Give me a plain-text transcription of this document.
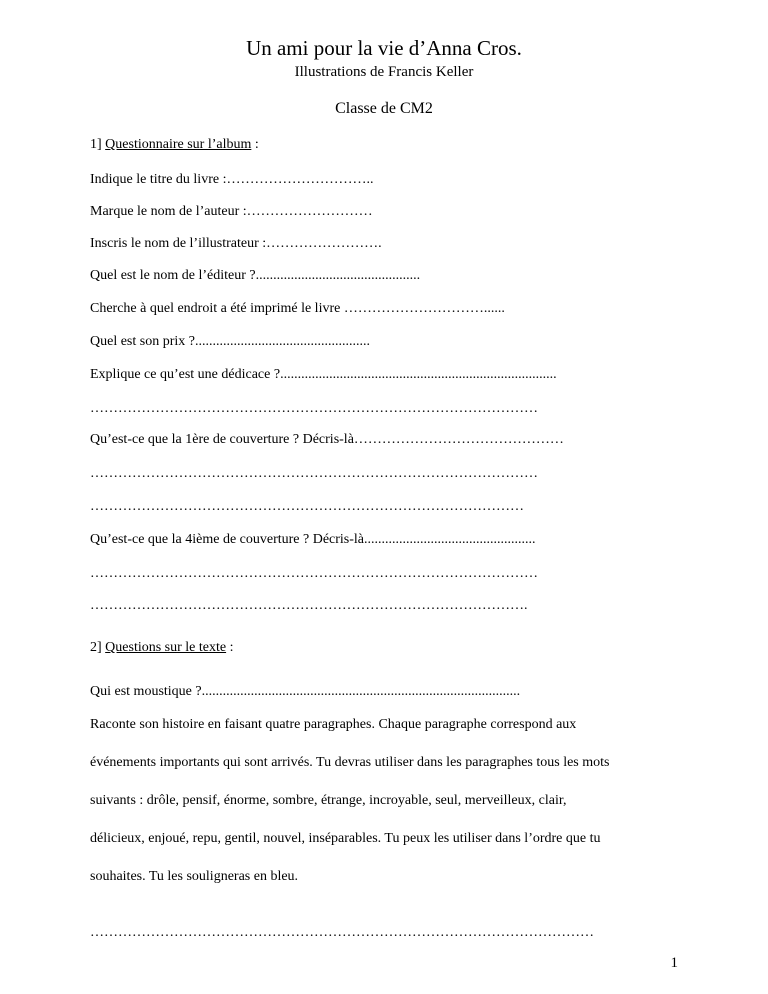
Un ami pour la vie d’Anna Cros.
Illustrations de Francis Keller
Classe de CM2
1] Questionnaire sur l’album :
Indique le titre du livre :…………………………..
Marque le nom de l’auteur :………………………
Inscris le nom de l’illustrateur :…………………….
Quel est le nom de l’éditeur ?...............................................
Cherche à quel endroit a été imprimé le livre …………………………......
Quel est son prix ?..................................................
Explique ce qu’est une dédicace ?...............................................................................
……………………………………………………………………………………
Qu’est-ce que la 1ère de couverture ? Décris-là………………………………………
……………………………………………………………………………………
…………………………………………………………………………………
Qu’est-ce que la 4ième de couverture ? Décris-là.................................................
……………………………………………………………………………………
………………………………………………………………………………….
2] Questions sur le texte :
Qui est moustique ?...........................................................................................
Raconte son histoire en faisant quatre paragraphes. Chaque paragraphe correspond aux
événements importants qui sont arrivés. Tu devras utiliser dans les paragraphes tous les mots
suivants : drôle, pensif, énorme, sombre, étrange, incroyable, seul, merveilleux, clair,
délicieux, enjoué, repu, gentil, nouvel, inséparables. Tu peux les utiliser dans l’ordre que tu
souhaites. Tu les souligneras en bleu.
………………………………………………………………………………………………
1
